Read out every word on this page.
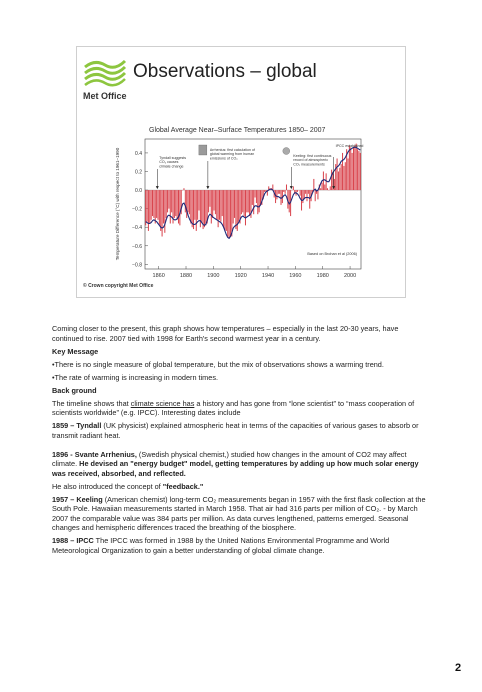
Met Office
Observations – global
Global Average Near–Surface Temperatures 1850– 2007
0.4
0.2
0.0
−0.2
−0.4
−0.6
−0.8
1860	1880	1900	1920	1940	1960	1980	2000
Temperature Difference (°C) with respect to 1961–1990	Based on Brohan et al (2006)
Tyndall suggests CO₂ causes climate change
Arrhenius: first calculation of global warming from human emissions of CO₂
Keeling: first continuous record of atmospheric CO₂ measurements
IPCC established
© Crown copyright Met Office

Coming closer to the present, this graph shows how temperatures – especially in the last 20-30 years, have continued to rise. 2007 tied with 1998 for Earth's second warmest year in a century.

Key Message

•There is no single measure of global temperature, but the mix of observations shows a warming trend.

•The rate of warming is increasing in modern times.

Back ground

The timeline shows that climate science has a history and has gone from “lone scientist” to “mass cooperation of scientists worldwide” (e.g. IPCC). Interesting dates include

1859 – Tyndall (UK physicist) explained atmospheric heat in terms of the capacities of various gases to absorb or transmit radiant heat.

1896 - Svante Arrhenius, (Swedish physical chemist,) studied how changes in the amount of CO2 may affect climate. He devised an "energy budget" model, getting temperatures by adding up how much solar energy was received, absorbed, and reflected.

He also introduced the concept of "feedback."

1957 – Keeling (American chemist) long-term CO₂ measurements began in 1957 with the first flask collection at the South Pole. Hawaiian measurements started in March 1958. That air had 316 parts per million of CO₂. - by March 2007 the comparable value was 384 parts per million. As data curves lengthened, patterns emerged. Seasonal changes and hemispheric differences traced the breathing of the biosphere.

1988 – IPCC The IPCC was formed in 1988 by the United Nations Environmental Programme and World Meteorological Organization to gain a better understanding of global climate change.

2
